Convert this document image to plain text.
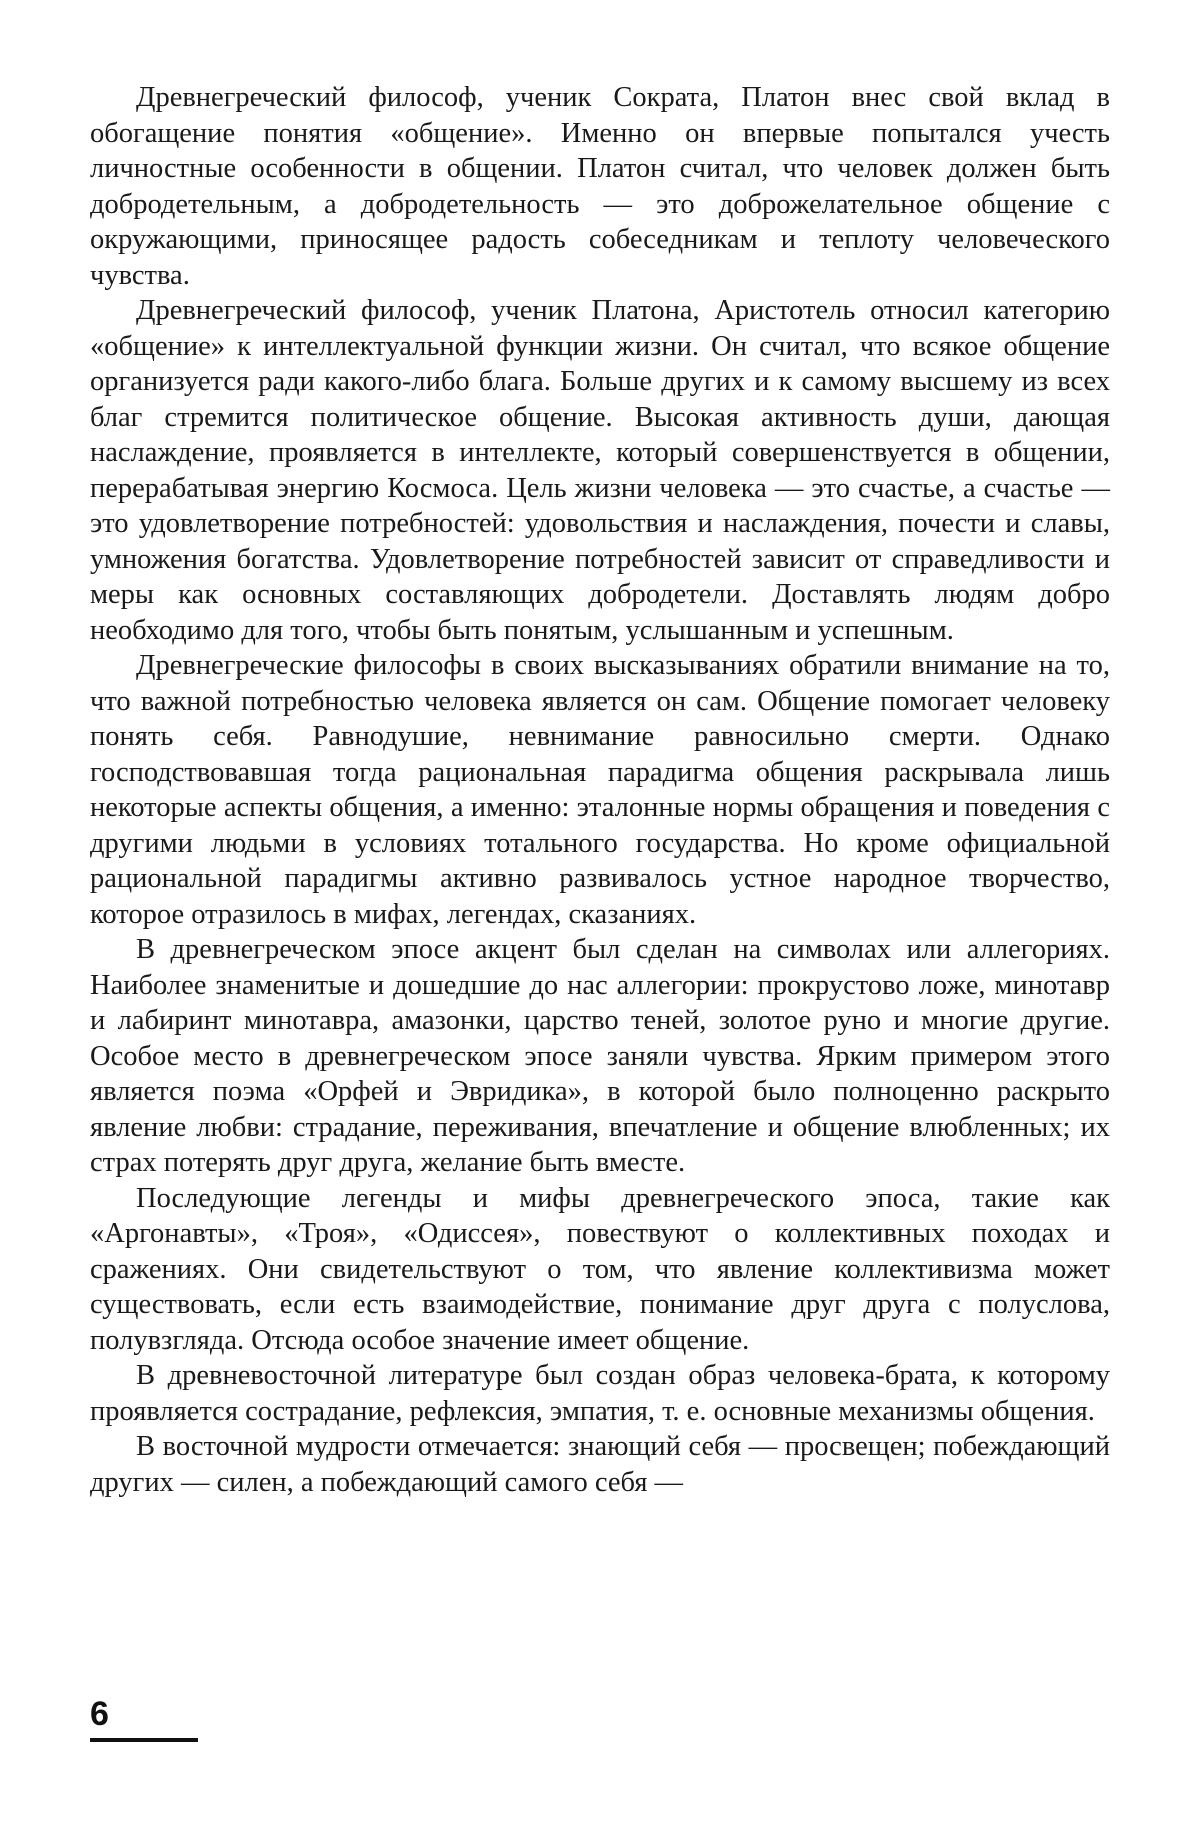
Древнегреческий философ, ученик Сократа, Платон внес свой вклад в обогащение понятия «общение». Именно он впервые попытался учесть личностные особенности в общении. Платон считал, что человек должен быть добродетельным, а добродетельность — это доброжелательное общение с окружающими, приносящее радость собеседникам и теплоту человеческого чувства.

Древнегреческий философ, ученик Платона, Аристотель относил категорию «общение» к интеллектуальной функции жизни. Он считал, что всякое общение организуется ради какого-либо блага. Больше других и к самому высшему из всех благ стремится политическое общение. Высокая активность души, дающая наслаждение, проявляется в интеллекте, который совершенствуется в общении, перерабатывая энергию Космоса. Цель жизни человека — это счастье, а счастье — это удовлетворение потребностей: удовольствия и наслаждения, почести и славы, умножения богатства. Удовлетворение потребностей зависит от справедливости и меры как основных составляющих добродетели. Доставлять людям добро необходимо для того, чтобы быть понятым, услышанным и успешным.

Древнегреческие философы в своих высказываниях обратили внимание на то, что важной потребностью человека является он сам. Общение помогает человеку понять себя. Равнодушие, невнимание равносильно смерти. Однако господствовавшая тогда рациональная парадигма общения раскрывала лишь некоторые аспекты общения, а именно: эталонные нормы обращения и поведения с другими людьми в условиях тотального государства. Но кроме официальной рациональной парадигмы активно развивалось устное народное творчество, которое отразилось в мифах, легендах, сказаниях.

В древнегреческом эпосе акцент был сделан на символах или аллегориях. Наиболее знаменитые и дошедшие до нас аллегории: прокрустово ложе, минотавр и лабиринт минотавра, амазонки, царство теней, золотое руно и многие другие. Особое место в древнегреческом эпосе заняли чувства. Ярким примером этого является поэма «Орфей и Эвридика», в которой было полноценно раскрыто явление любви: страдание, переживания, впечатление и общение влюбленных; их страх потерять друг друга, желание быть вместе.

Последующие легенды и мифы древнегреческого эпоса, такие как «Аргонавты», «Троя», «Одиссея», повествуют о коллективных походах и сражениях. Они свидетельствуют о том, что явление коллективизма может существовать, если есть взаимодействие, понимание друг друга с полуслова, полувзгляда. Отсюда особое значение имеет общение.

В древневосточной литературе был создан образ человека-брата, к которому проявляется сострадание, рефлексия, эмпатия, т. е. основные механизмы общения.

В восточной мудрости отмечается: знающий себя — просвещен; побеждающий других — силен, а побеждающий самого себя —

6
